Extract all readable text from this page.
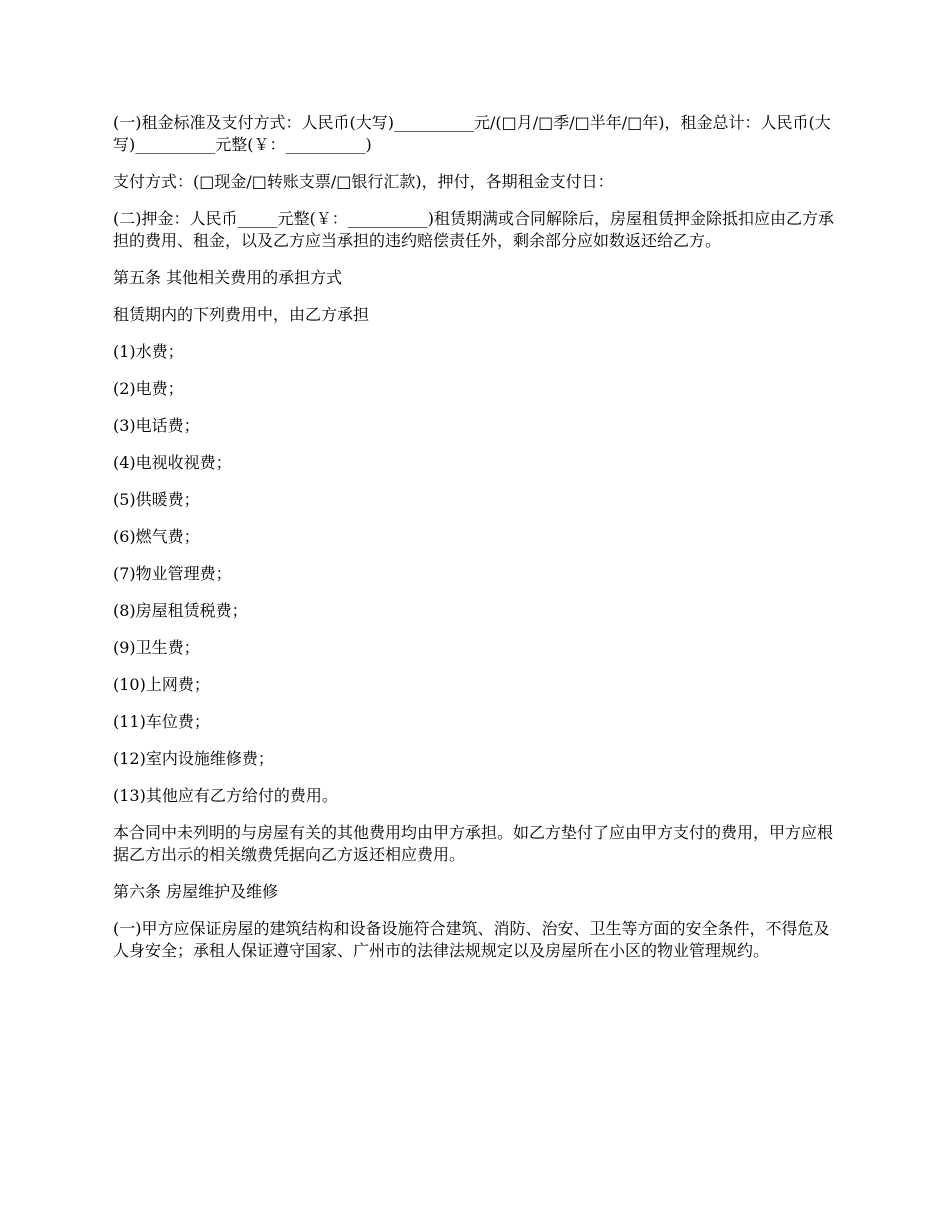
(一)租金标准及支付方式：人民币(大写)__________元/(□月/□季/□半年/□年)，租金总计：人民币(大写)__________元整(￥：__________)

支付方式：(□现金/□转账支票/□银行汇款)，押付，各期租金支付日：

(二)押金：人民币_____元整(￥：__________)租赁期满或合同解除后，房屋租赁押金除抵扣应由乙方承担的费用、租金，以及乙方应当承担的违约赔偿责任外，剩余部分应如数返还给乙方。

第五条 其他相关费用的承担方式

租赁期内的下列费用中，由乙方承担

(1)水费；

(2)电费；

(3)电话费；

(4)电视收视费；

(5)供暖费；

(6)燃气费；

(7)物业管理费；

(8)房屋租赁税费；

(9)卫生费；

(10)上网费；

(11)车位费；

(12)室内设施维修费；

(13)其他应有乙方给付的费用。

本合同中未列明的与房屋有关的其他费用均由甲方承担。如乙方垫付了应由甲方支付的费用，甲方应根据乙方出示的相关缴费凭据向乙方返还相应费用。

第六条 房屋维护及维修

(一)甲方应保证房屋的建筑结构和设备设施符合建筑、消防、治安、卫生等方面的安全条件，不得危及人身安全；承租人保证遵守国家、广州市的法律法规规定以及房屋所在小区的物业管理规约。
